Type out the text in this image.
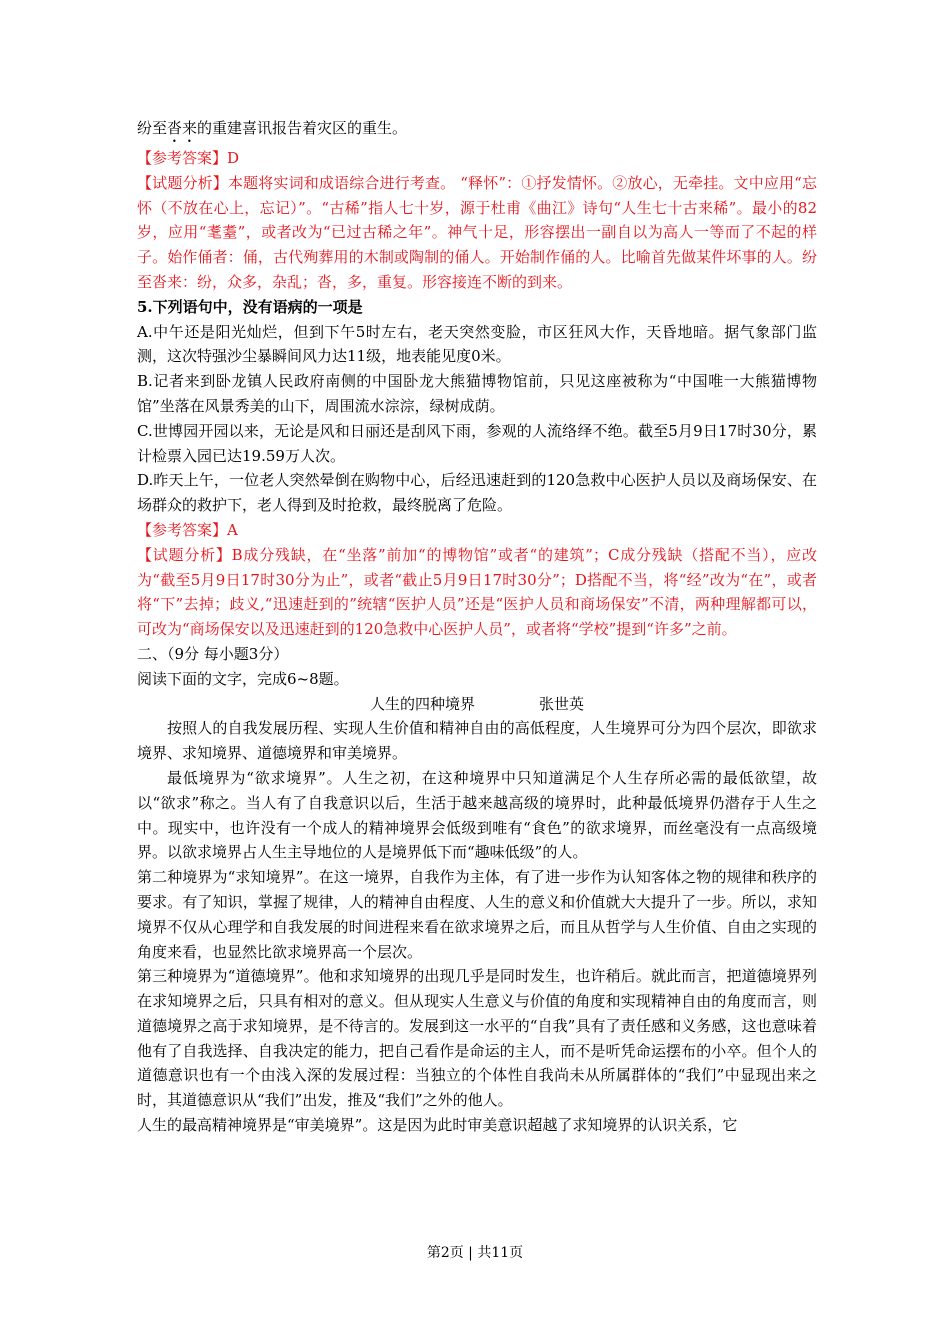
纷至沓来的重建喜讯报告着灾区的重生。

【参考答案】D

【试题分析】本题将实词和成语综合进行考查。 “释怀”：①抒发情怀。②放心，无牵挂。文中应用“忘怀（不放在心上，忘记）”。“古稀”指人七十岁，源于杜甫《曲江》诗句“人生七十古来稀”。最小的82岁，应用“耄耋”，或者改为“已过古稀之年”。神气十足，形容摆出一副自以为高人一等而了不起的样子。始作俑者：俑，古代殉葬用的木制或陶制的俑人。开始制作俑的人。比喻首先做某件坏事的人。纷至沓来：纷，众多，杂乱；沓，多，重复。形容接连不断的到来。

5.下列语句中，没有语病的一项是

A.中午还是阳光灿烂，但到下午5时左右，老天突然变脸，市区狂风大作，天昏地暗。据气象部门监测，这次特强沙尘暴瞬间风力达11级，地表能见度0米。

B.记者来到卧龙镇人民政府南侧的中国卧龙大熊猫博物馆前，只见这座被称为“中国唯一大熊猫博物馆”坐落在风景秀美的山下，周围流水淙淙，绿树成荫。

C.世博园开园以来，无论是风和日丽还是刮风下雨，参观的人流络绎不绝。截至5月9日17时30分，累计检票入园已达19.59万人次。

D.昨天上午，一位老人突然晕倒在购物中心，后经迅速赶到的120急救中心医护人员以及商场保安、在场群众的救护下，老人得到及时抢救，最终脱离了危险。

【参考答案】A

【试题分析】B成分残缺，在“坐落”前加“的博物馆”或者“的建筑”；C成分残缺（搭配不当），应改为“截至5月9日17时30分为止”，或者“截止5月9日17时30分”；D搭配不当，将“经”改为“在”，或者将“下”去掉；歧义,“迅速赶到的”统辖“医护人员”还是“医护人员和商场保安”不清，两种理解都可以，可改为“商场保安以及迅速赶到的120急救中心医护人员”，或者将“学校”提到“许多”之前。

二、（9分 每小题3分）

阅读下面的文字，完成6~8题。

人生的四种境界	张世英

按照人的自我发展历程、实现人生价值和精神自由的高低程度，人生境界可分为四个层次，即欲求境界、求知境界、道德境界和审美境界。

最低境界为“欲求境界”。人生之初，在这种境界中只知道满足个人生存所必需的最低欲望，故以“欲求”称之。当人有了自我意识以后，生活于越来越高级的境界时，此种最低境界仍潜存于人生之中。现实中，也许没有一个成人的精神境界会低级到唯有“食色”的欲求境界，而丝毫没有一点高级境界。以欲求境界占人生主导地位的人是境界低下而“趣味低级”的人。

第二种境界为“求知境界”。在这一境界，自我作为主体，有了进一步作为认知客体之物的规律和秩序的要求。有了知识，掌握了规律，人的精神自由程度、人生的意义和价值就大大提升了一步。所以，求知境界不仅从心理学和自我发展的时间进程来看在欲求境界之后，而且从哲学与人生价值、自由之实现的角度来看，也显然比欲求境界高一个层次。

第三种境界为“道德境界”。他和求知境界的出现几乎是同时发生，也许稍后。就此而言，把道德境界列在求知境界之后，只具有相对的意义。但从现实人生意义与价值的角度和实现精神自由的角度而言，则道德境界之高于求知境界，是不待言的。发展到这一水平的“自我”具有了责任感和义务感，这也意味着他有了自我选择、自我决定的能力，把自己看作是命运的主人，而不是听凭命运摆布的小卒。但个人的道德意识也有一个由浅入深的发展过程：当独立的个体性自我尚未从所属群体的“我们”中显现出来之时，其道德意识从“我们”出发，推及“我们”之外的他人。

人生的最高精神境界是“审美境界”。这是因为此时审美意识超越了求知境界的认识关系，它

第2页 | 共11页
